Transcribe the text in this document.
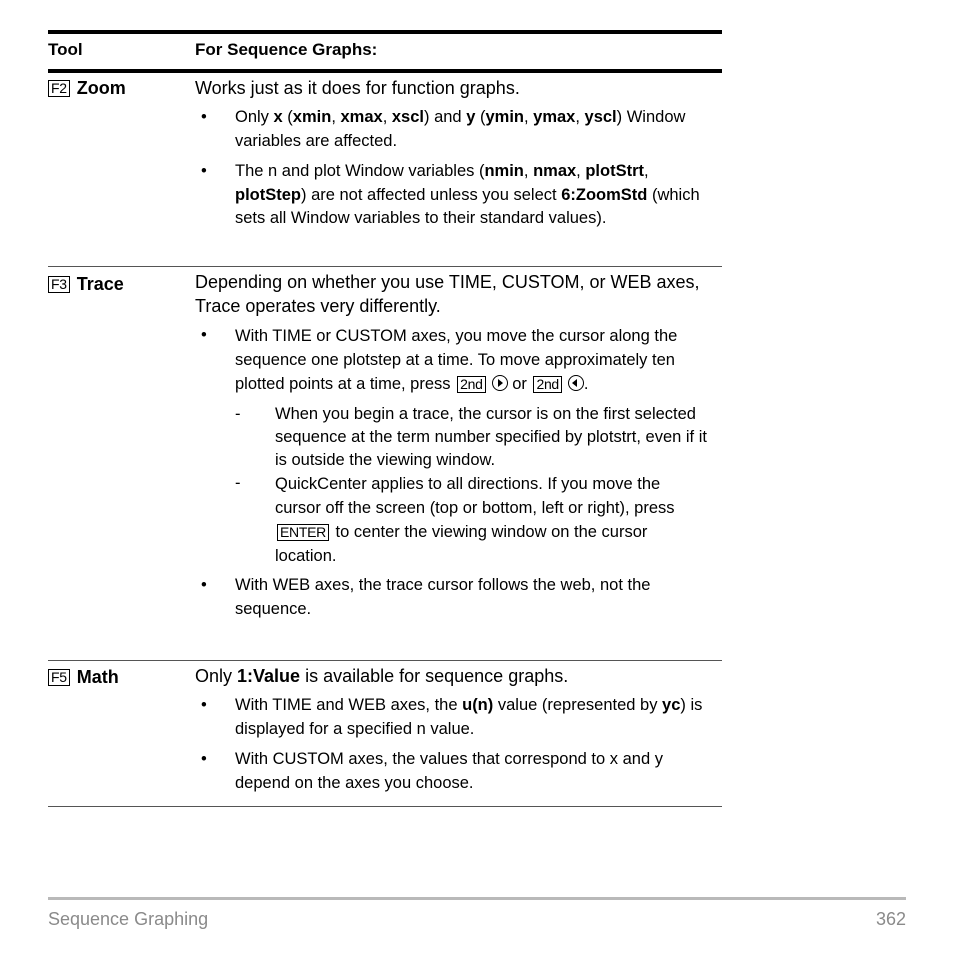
Tool	For Sequence Graphs:
F2 Zoom	Works just as it does for function graphs.
•	Only x (xmin, xmax, xscl) and y (ymin, ymax, yscl) Window variables are affected.
•	The n and plot Window variables (nmin, nmax, plotStrt, plotStep) are not affected unless you select 6:ZoomStd (which sets all Window variables to their standard values).
F3 Trace	Depending on whether you use TIME, CUSTOM, or WEB axes, Trace operates very differently.
•	With TIME or CUSTOM axes, you move the cursor along the sequence one plotstep at a time. To move approximately ten plotted points at a time, press 2nd or 2nd .
-	When you begin a trace, the cursor is on the first selected sequence at the term number specified by plotstrt, even if it is outside the viewing window.
-	QuickCenter applies to all directions. If you move the cursor off the screen (top or bottom, left or right), press ENTER to center the viewing window on the cursor location.
•	With WEB axes, the trace cursor follows the web, not the sequence.
F5 Math	Only 1:Value is available for sequence graphs.
•	With TIME and WEB axes, the u(n) value (represented by yc) is displayed for a specified n value.
•	With CUSTOM axes, the values that correspond to x and y depend on the axes you choose.
Sequence Graphing	362
